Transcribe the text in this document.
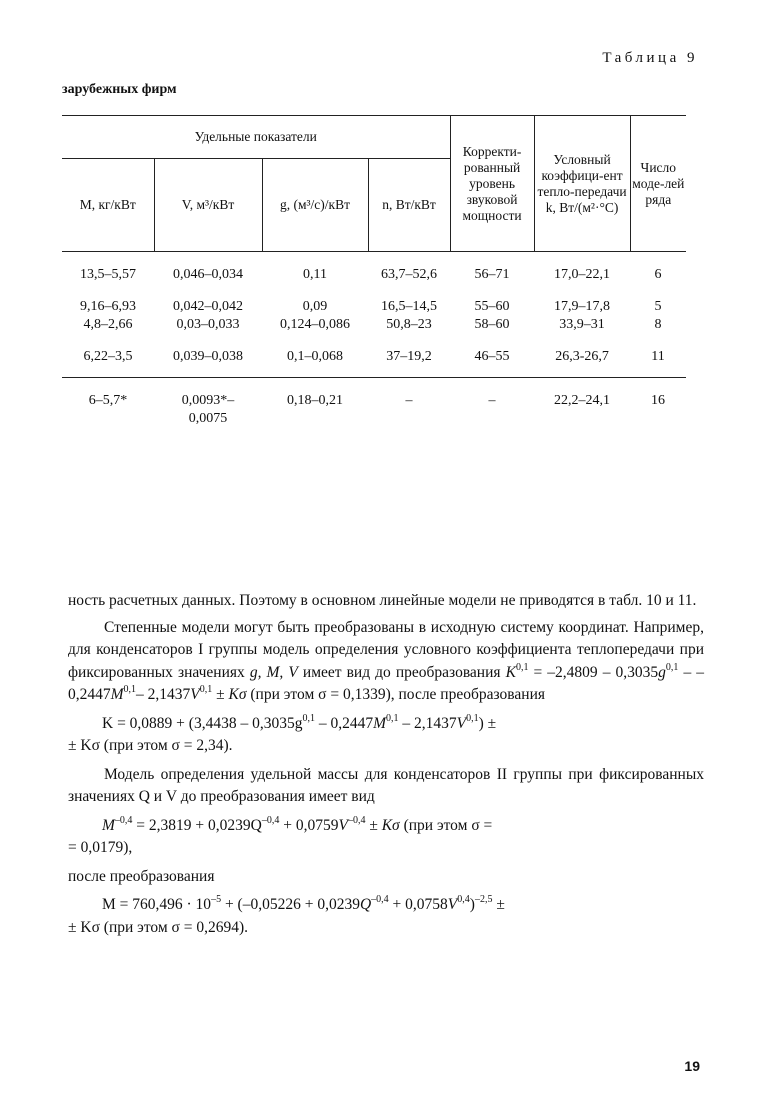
Таблица 9
зарубежных фирм
Удельные показатели				Корректи-рованный уровень звуковой мощности	Условный коэффици-ент тепло-передачи k, Вт/(м²·°С)	Число моде-лей ряда
M, кг/кВт	V, м³/кВт	g, (м³/с)/кВт	n, Вт/кВт			

13,5–5,57	0,046–0,034	0,11	63,7–52,6	56–71	17,0–22,1	6

9,16–6,93	0,042–0,042	0,09	16,5–14,5	55–60	17,9–17,8	5
4,8–2,66	0,03–0,033	0,124–0,086	50,8–23	58–60	33,9–31	8

6,22–3,5	0,039–0,038	0,1–0,068	37–19,2	46–55	26,3-26,7	11

6–5,7*	0,0093*–	0,18–0,21	–	–	22,2–24,1	16
	0,0075					

ность расчетных данных. Поэтому в основном линейные модели не приводятся в табл. 10 и 11.

Степенные модели могут быть преобразованы в исходную систему координат. Например, для конденсаторов I группы модель определения условного коэффициента теплопередачи при фиксированных значениях g, M, V имеет вид до преобразования $K^{0,1} = -2,4809 - 0,3035g^{0,1}$ – – $0,2447M^{0,1}-$ $2,1437V^{0,1} \pm K\sigma$ (при этом σ = 0,1339), после преобразования

$K = 0,0889 + (3,4438 - 0,3035g^{0,1} - 0,2447M^{0,1} - 2,1437V^{0,1})$ ±

± Kσ (при этом σ = 2,34).

Модель определения удельной массы для конденсаторов II группы при фиксированных значениях Q и V до преобразования имеет вид

$M^{-0,4} = 2,3819 + 0,0239Q^{-0,4} + 0,0759V^{-0,4} \pm K\sigma$ (при этом σ =

= 0,0179),

после преобразования

$M = 760,496 \cdot 10^{-5} + (-0,05226 + 0,0239Q^{-0,4} + 0,0758V^{0,4})^{-2,5}$ ±

± Kσ (при этом σ = 0,2694).

19
